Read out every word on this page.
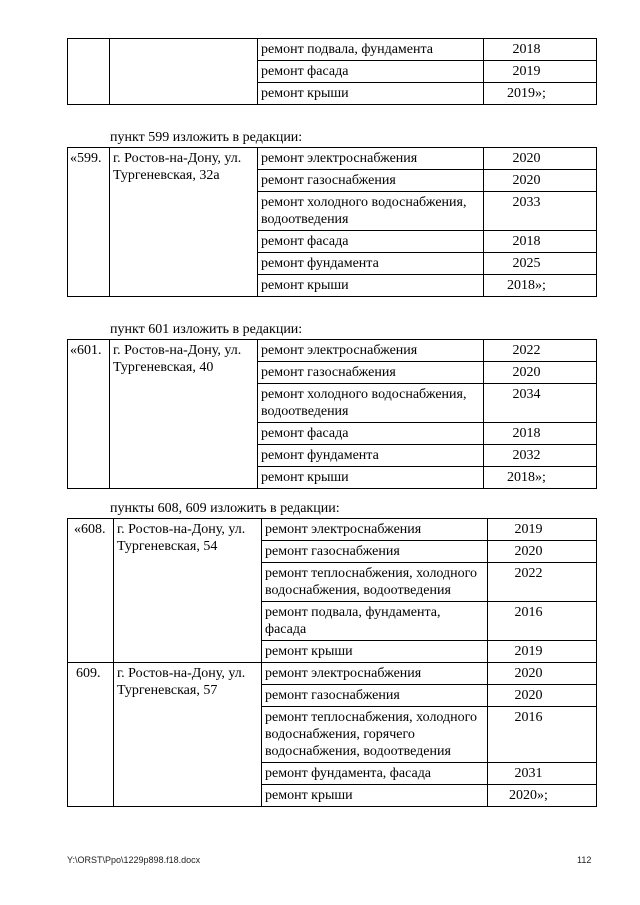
		ремонт подвала, фундамента	2018
		ремонт фасада	2019
		ремонт крыши	2019»;
пункт 599 изложить в редакции:
«599.	г. Ростов-на-Дону, ул. Тургеневская, 32а	ремонт электроснабжения	2020
		ремонт газоснабжения	2020
		ремонт холодного водоснабжения, водоотведения	2033
		ремонт фасада	2018
		ремонт фундамента	2025
		ремонт крыши	2018»;
пункт 601 изложить в редакции:
«601.	г. Ростов-на-Дону, ул. Тургеневская, 40	ремонт электроснабжения	2022
		ремонт газоснабжения	2020
		ремонт холодного водоснабжения, водоотведения	2034
		ремонт фасада	2018
		ремонт фундамента	2032
		ремонт крыши	2018»;
пункты 608, 609 изложить в редакции:
«608.	г. Ростов-на-Дону, ул. Тургеневская, 54	ремонт электроснабжения	2019
		ремонт газоснабжения	2020
		ремонт теплоснабжения, холодного водоснабжения, водоотведения	2022
		ремонт подвала, фундамента, фасада	2016
		ремонт крыши	2019
609.	г. Ростов-на-Дону, ул. Тургеневская, 57	ремонт электроснабжения	2020
		ремонт газоснабжения	2020
		ремонт теплоснабжения, холодного водоснабжения, горячего водоснабжения, водоотведения	2016
		ремонт фундамента, фасада	2031
		ремонт крыши	2020»;
Y:\ORST\Ppo\1229p898.f18.docx	112
